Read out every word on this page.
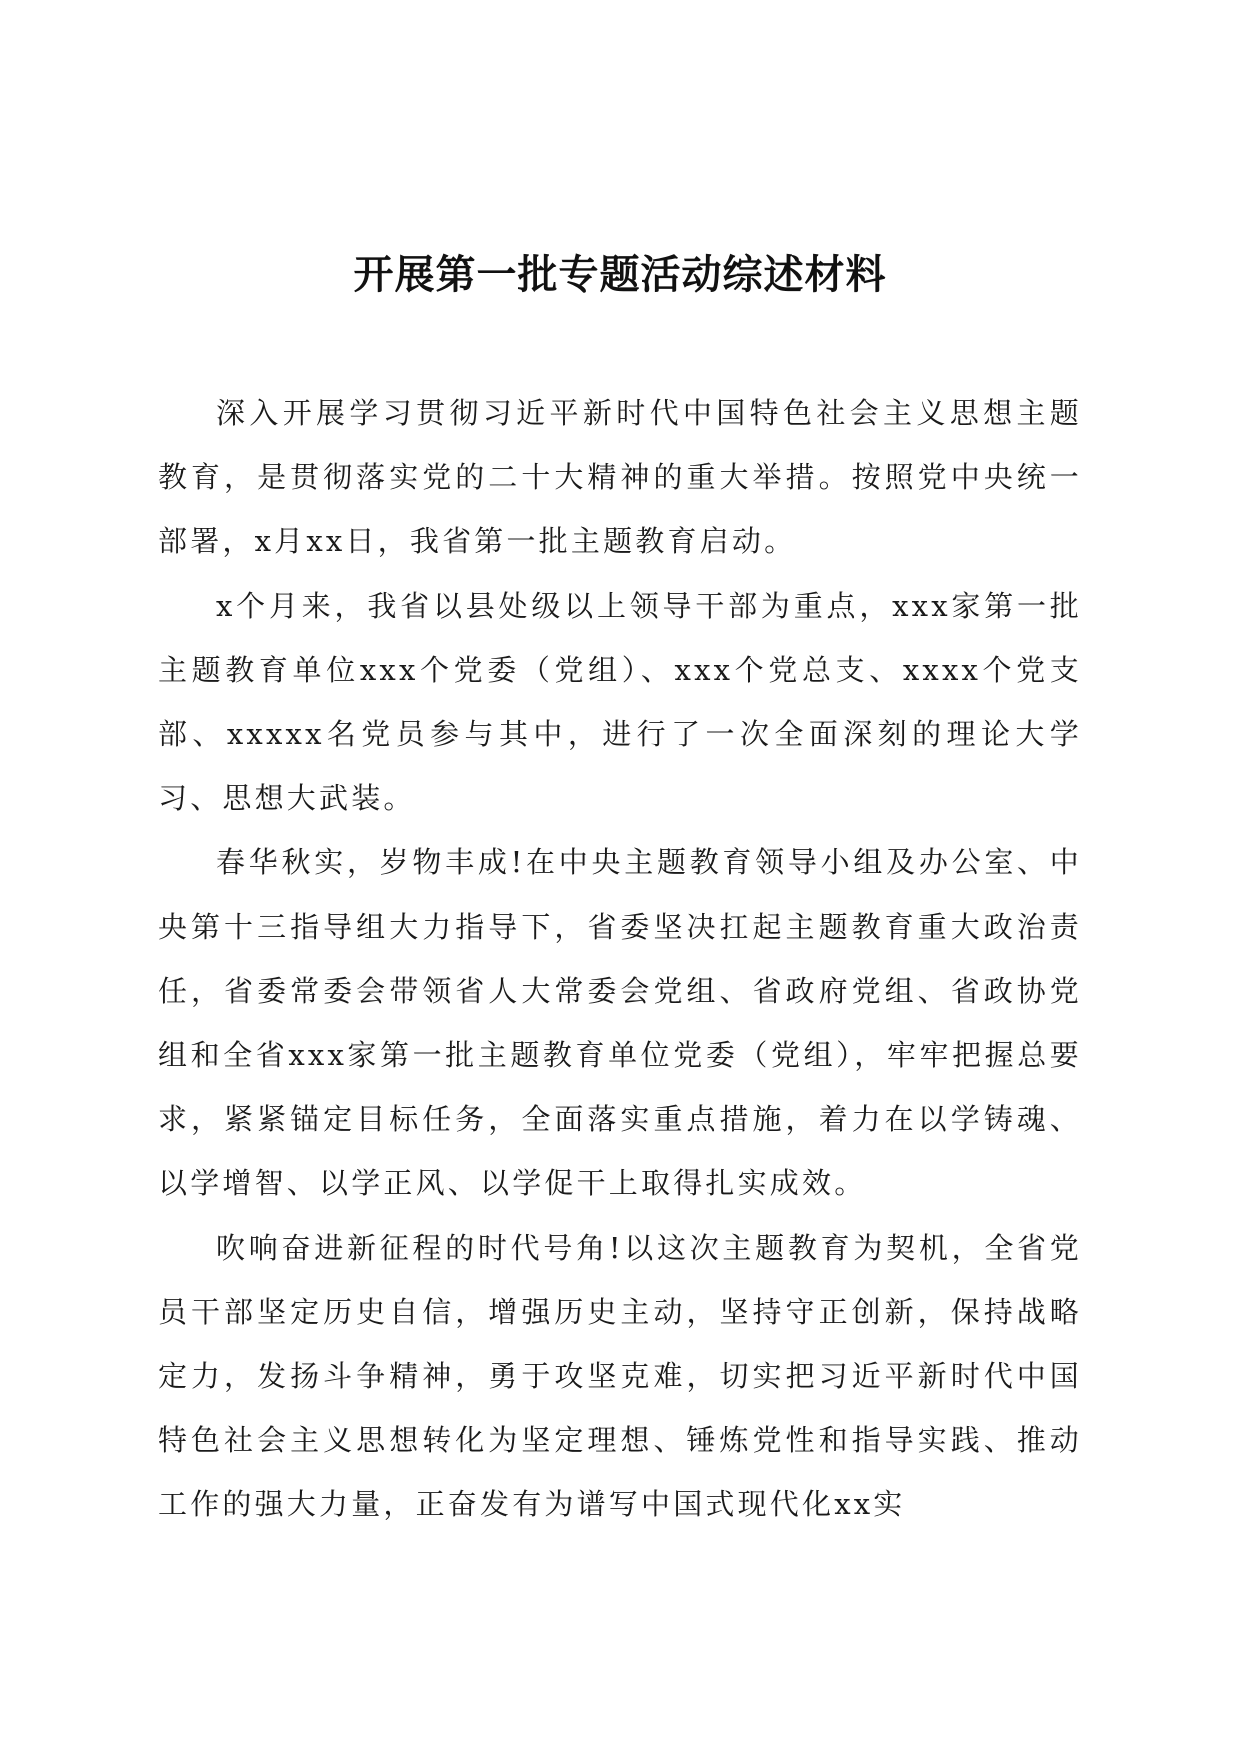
开展第一批专题活动综述材料

深入开展学习贯彻习近平新时代中国特色社会主义思想主题教育，是贯彻落实党的二十大精神的重大举措。按照党中央统一部署，x月xx日，我省第一批主题教育启动。

x个月来，我省以县处级以上领导干部为重点，xxx家第一批主题教育单位xxx个党委（党组）、xxx个党总支、xxxx个党支部、xxxxx名党员参与其中，进行了一次全面深刻的理论大学习、思想大武装。

春华秋实，岁物丰成!在中央主题教育领导小组及办公室、中央第十三指导组大力指导下，省委坚决扛起主题教育重大政治责任，省委常委会带领省人大常委会党组、省政府党组、省政协党组和全省xxx家第一批主题教育单位党委（党组），牢牢把握总要求，紧紧锚定目标任务，全面落实重点措施，着力在以学铸魂、以学增智、以学正风、以学促干上取得扎实成效。

吹响奋进新征程的时代号角!以这次主题教育为契机，全省党员干部坚定历史自信，增强历史主动，坚持守正创新，保持战略定力，发扬斗争精神，勇于攻坚克难，切实把习近平新时代中国特色社会主义思想转化为坚定理想、锤炼党性和指导实践、推动工作的强大力量，正奋发有为谱写中国式现代化xx实
